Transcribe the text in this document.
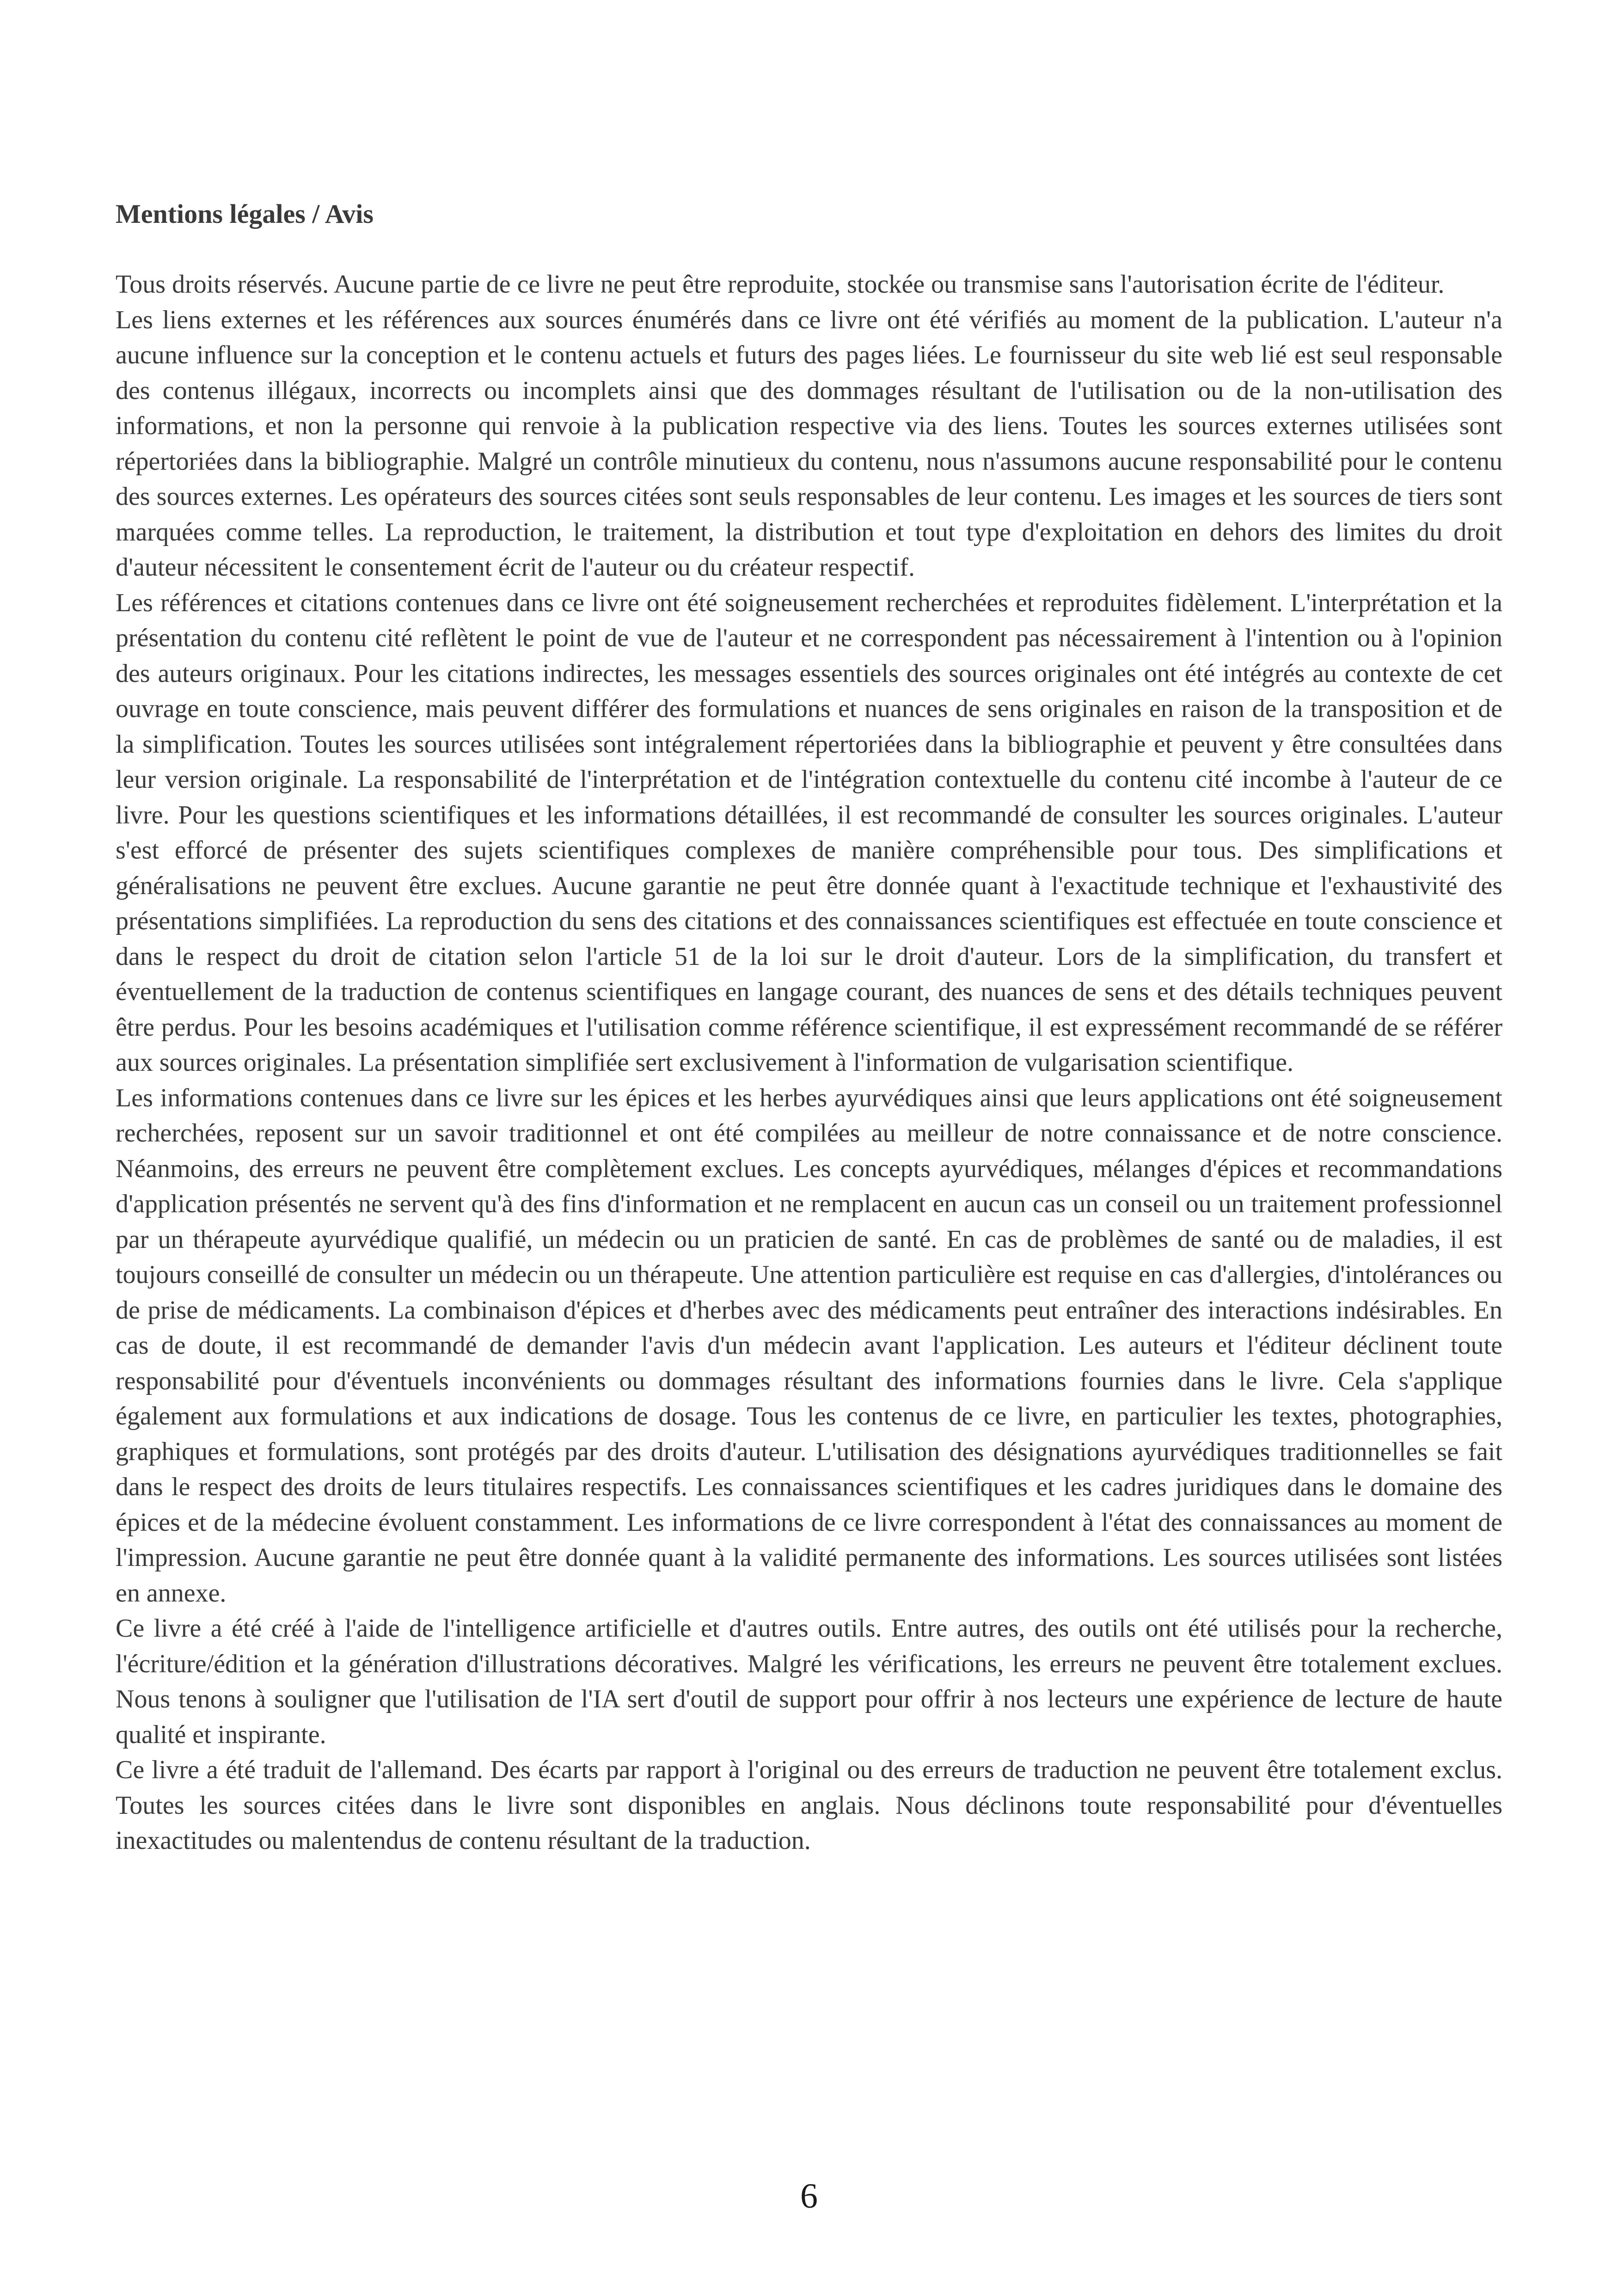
Mentions légales / Avis

Tous droits réservés. Aucune partie de ce livre ne peut être reproduite, stockée ou transmise sans l'autorisation écrite de l'éditeur.

Les liens externes et les références aux sources énumérés dans ce livre ont été vérifiés au moment de la publication. L'auteur n'a aucune influence sur la conception et le contenu actuels et futurs des pages liées. Le fournisseur du site web lié est seul responsable des contenus illégaux, incorrects ou incomplets ainsi que des dommages résultant de l'utilisation ou de la non-utilisation des informations, et non la personne qui renvoie à la publication respective via des liens. Toutes les sources externes utilisées sont répertoriées dans la bibliographie. Malgré un contrôle minutieux du contenu, nous n'assumons aucune responsabilité pour le contenu des sources externes. Les opérateurs des sources citées sont seuls responsables de leur contenu. Les images et les sources de tiers sont marquées comme telles. La reproduction, le traitement, la distribution et tout type d'exploitation en dehors des limites du droit d'auteur nécessitent le consentement écrit de l'auteur ou du créateur respectif.

Les références et citations contenues dans ce livre ont été soigneusement recherchées et reproduites fidèlement. L'interprétation et la présentation du contenu cité reflètent le point de vue de l'auteur et ne correspondent pas nécessairement à l'intention ou à l'opinion des auteurs originaux. Pour les citations indirectes, les messages essentiels des sources originales ont été intégrés au contexte de cet ouvrage en toute conscience, mais peuvent différer des formulations et nuances de sens originales en raison de la transposition et de la simplification. Toutes les sources utilisées sont intégralement répertoriées dans la bibliographie et peuvent y être consultées dans leur version originale. La responsabilité de l'interprétation et de l'intégration contextuelle du contenu cité incombe à l'auteur de ce livre. Pour les questions scientifiques et les informations détaillées, il est recommandé de consulter les sources originales. L'auteur s'est efforcé de présenter des sujets scientifiques complexes de manière compréhensible pour tous. Des simplifications et généralisations ne peuvent être exclues. Aucune garantie ne peut être donnée quant à l'exactitude technique et l'exhaustivité des présentations simplifiées. La reproduction du sens des citations et des connaissances scientifiques est effectuée en toute conscience et dans le respect du droit de citation selon l'article 51 de la loi sur le droit d'auteur. Lors de la simplification, du transfert et éventuellement de la traduction de contenus scientifiques en langage courant, des nuances de sens et des détails techniques peuvent être perdus. Pour les besoins académiques et l'utilisation comme référence scientifique, il est expressément recommandé de se référer aux sources originales. La présentation simplifiée sert exclusivement à l'information de vulgarisation scientifique.

Les informations contenues dans ce livre sur les épices et les herbes ayurvédiques ainsi que leurs applications ont été soigneusement recherchées, reposent sur un savoir traditionnel et ont été compilées au meilleur de notre connaissance et de notre conscience. Néanmoins, des erreurs ne peuvent être complètement exclues. Les concepts ayurvédiques, mélanges d'épices et recommandations d'application présentés ne servent qu'à des fins d'information et ne remplacent en aucun cas un conseil ou un traitement professionnel par un thérapeute ayurvédique qualifié, un médecin ou un praticien de santé. En cas de problèmes de santé ou de maladies, il est toujours conseillé de consulter un médecin ou un thérapeute. Une attention particulière est requise en cas d'allergies, d'intolérances ou de prise de médicaments. La combinaison d'épices et d'herbes avec des médicaments peut entraîner des interactions indésirables. En cas de doute, il est recommandé de demander l'avis d'un médecin avant l'application. Les auteurs et l'éditeur déclinent toute responsabilité pour d'éventuels inconvénients ou dommages résultant des informations fournies dans le livre. Cela s'applique également aux formulations et aux indications de dosage. Tous les contenus de ce livre, en particulier les textes, photographies, graphiques et formulations, sont protégés par des droits d'auteur. L'utilisation des désignations ayurvédiques traditionnelles se fait dans le respect des droits de leurs titulaires respectifs. Les connaissances scientifiques et les cadres juridiques dans le domaine des épices et de la médecine évoluent constamment. Les informations de ce livre correspondent à l'état des connaissances au moment de l'impression. Aucune garantie ne peut être donnée quant à la validité permanente des informations. Les sources utilisées sont listées en annexe.

Ce livre a été créé à l'aide de l'intelligence artificielle et d'autres outils. Entre autres, des outils ont été utilisés pour la recherche, l'écriture/édition et la génération d'illustrations décoratives. Malgré les vérifications, les erreurs ne peuvent être totalement exclues. Nous tenons à souligner que l'utilisation de l'IA sert d'outil de support pour offrir à nos lecteurs une expérience de lecture de haute qualité et inspirante.

Ce livre a été traduit de l'allemand. Des écarts par rapport à l'original ou des erreurs de traduction ne peuvent être totalement exclus. Toutes les sources citées dans le livre sont disponibles en anglais. Nous déclinons toute responsabilité pour d'éventuelles inexactitudes ou malentendus de contenu résultant de la traduction.

6
